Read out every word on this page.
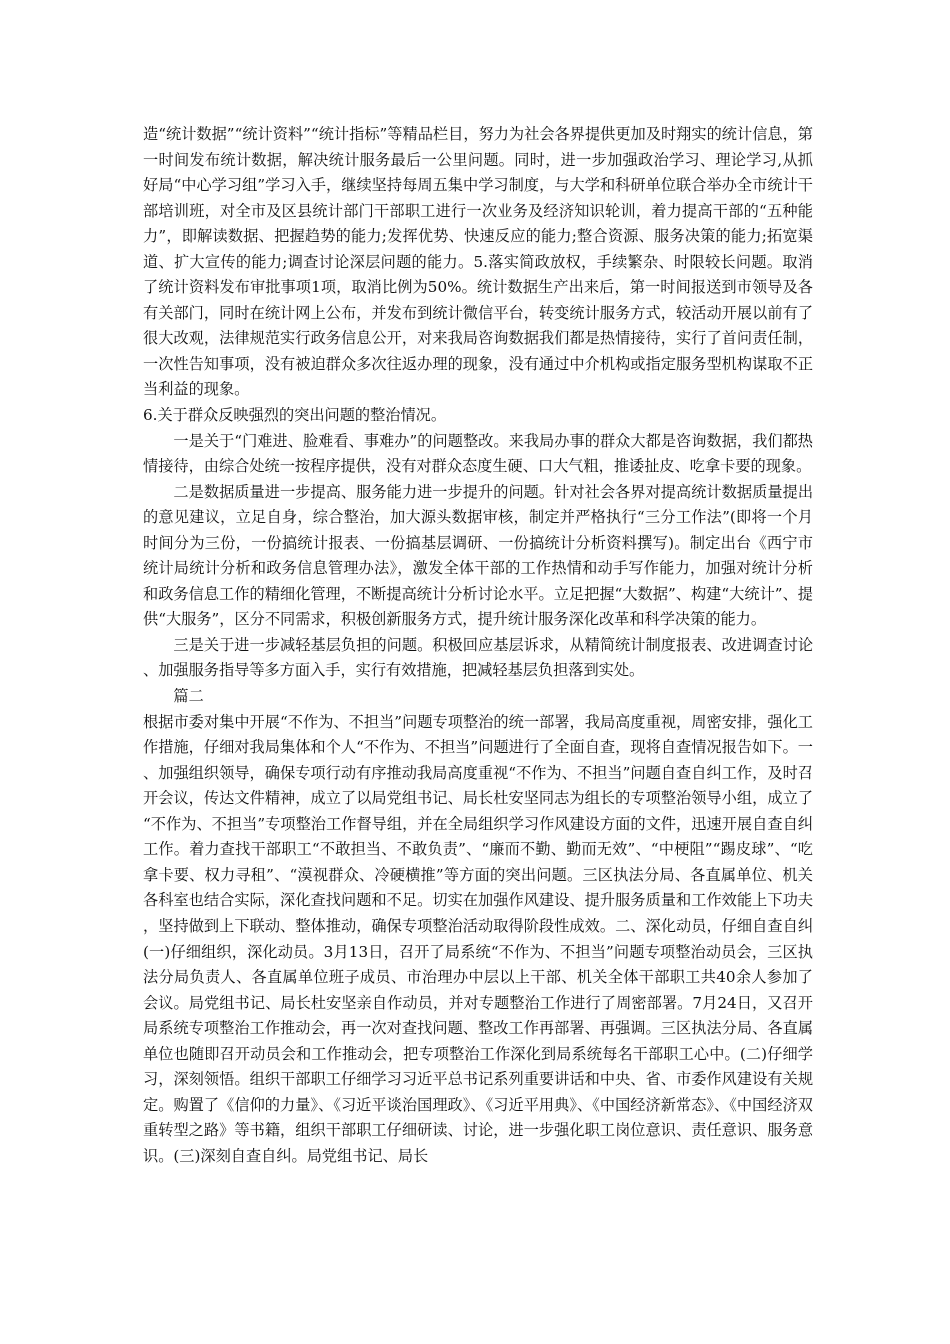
造“统计数据”“统计资料”“统计指标”等精品栏目，努力为社会各界提供更加及时翔实的统计信息，第一时间发布统计数据，解决统计服务最后一公里问题。同时，进一步加强政治学习、理论学习,从抓好局“中心学习组”学习入手，继续坚持每周五集中学习制度，与大学和科研单位联合举办全市统计干部培训班，对全市及区县统计部门干部职工进行一次业务及经济知识轮训，着力提高干部的“五种能力”，即解读数据、把握趋势的能力;发挥优势、快速反应的能力;整合资源、服务决策的能力;拓宽渠道、扩大宣传的能力;调查讨论深层问题的能力。5.落实简政放权，手续繁杂、时限较长问题。取消了统计资料发布审批事项1项，取消比例为50%。统计数据生产出来后，第一时间报送到市领导及各有关部门，同时在统计网上公布，并发布到统计微信平台，转变统计服务方式，较活动开展以前有了很大改观，法律规范实行政务信息公开，对来我局咨询数据我们都是热情接待，实行了首问责任制，一次性告知事项，没有被迫群众多次往返办理的现象，没有通过中介机构或指定服务型机构谋取不正当利益的现象。

6.关于群众反映强烈的突出问题的整治情况。

一是关于“门难进、脸难看、事难办”的问题整改。来我局办事的群众大都是咨询数据，我们都热情接待，由综合处统一按程序提供，没有对群众态度生硬、口大气粗，推诿扯皮、吃拿卡要的现象。

二是数据质量进一步提高、服务能力进一步提升的问题。针对社会各界对提高统计数据质量提出的意见建议，立足自身，综合整治，加大源头数据审核，制定并严格执行“三分工作法”(即将一个月时间分为三份，一份搞统计报表、一份搞基层调研、一份搞统计分析资料撰写)。制定出台《西宁市统计局统计分析和政务信息管理办法》，激发全体干部的工作热情和动手写作能力，加强对统计分析和政务信息工作的精细化管理，不断提高统计分析讨论水平。立足把握“大数据”、构建“大统计”、提供“大服务”，区分不同需求，积极创新服务方式，提升统计服务深化改革和科学决策的能力。

三是关于进一步减轻基层负担的问题。积极回应基层诉求，从精简统计制度报表、改进调查讨论、加强服务指导等多方面入手，实行有效措施，把减轻基层负担落到实处。

篇二

根据市委对集中开展“不作为、不担当”问题专项整治的统一部署，我局高度重视，周密安排，强化工作措施，仔细对我局集体和个人“不作为、不担当”问题进行了全面自查，现将自查情况报告如下。一、加强组织领导，确保专项行动有序推动我局高度重视“不作为、不担当”问题自查自纠工作，及时召开会议，传达文件精神，成立了以局党组书记、局长杜安坚同志为组长的专项整治领导小组，成立了“不作为、不担当”专项整治工作督导组，并在全局组织学习作风建设方面的文件，迅速开展自查自纠工作。着力查找干部职工“不敢担当、不敢负责”、“廉而不勤、勤而无效”、“中梗阻”“踢皮球”、“吃拿卡要、权力寻租”、“漠视群众、冷硬横推”等方面的突出问题。三区执法分局、各直属单位、机关各科室也结合实际，深化查找问题和不足。切实在加强作风建设、提升服务质量和工作效能上下功夫，坚持做到上下联动、整体推动，确保专项整治活动取得阶段性成效。二、深化动员，仔细自查自纠(一)仔细组织，深化动员。3月13日，召开了局系统“不作为、不担当”问题专项整治动员会，三区执法分局负责人、各直属单位班子成员、市治理办中层以上干部、机关全体干部职工共40余人参加了会议。局党组书记、局长杜安坚亲自作动员，并对专题整治工作进行了周密部署。7月24日，又召开局系统专项整治工作推动会，再一次对查找问题、整改工作再部署、再强调。三区执法分局、各直属单位也随即召开动员会和工作推动会，把专项整治工作深化到局系统每名干部职工心中。(二)仔细学习，深刻领悟。组织干部职工仔细学习习近平总书记系列重要讲话和中央、省、市委作风建设有关规定。购置了《信仰的力量》、《习近平谈治国理政》、《习近平用典》、《中国经济新常态》、《中国经济双重转型之路》等书籍，组织干部职工仔细研读、讨论，进一步强化职工岗位意识、责任意识、服务意识。(三)深刻自查自纠。局党组书记、局长
